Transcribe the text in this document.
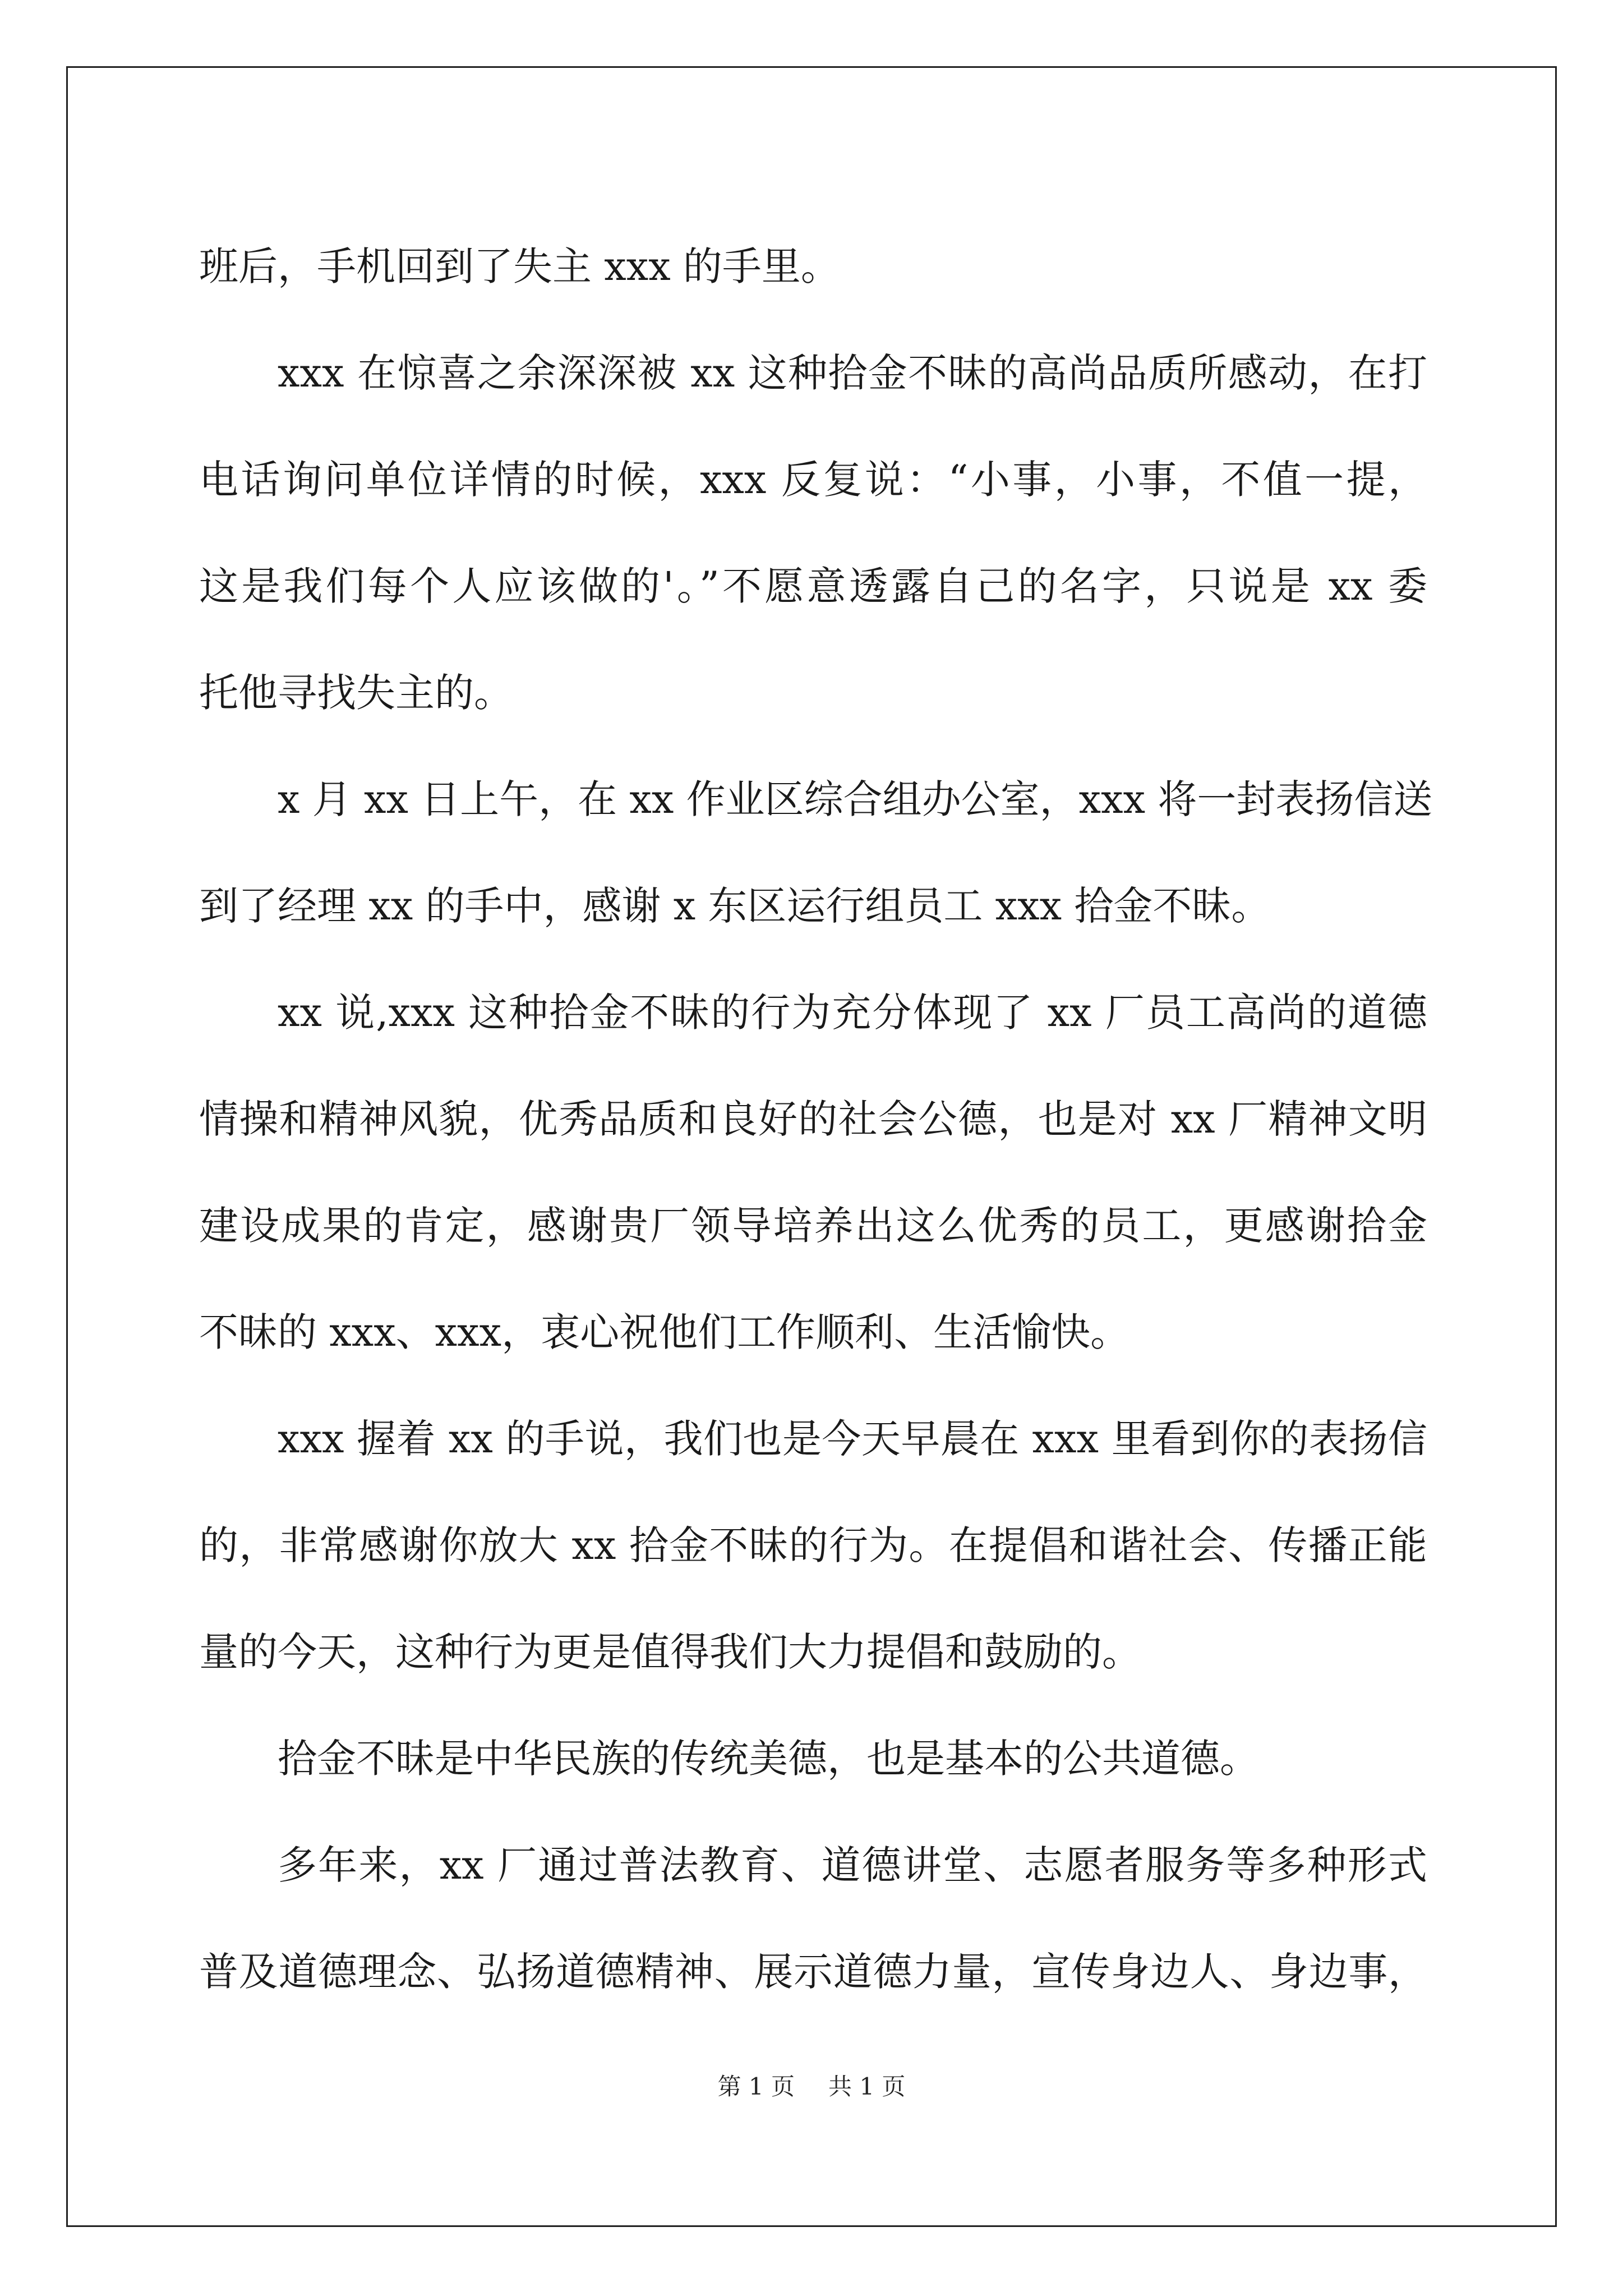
班后，手机回到了失主 xxx 的手里。
xxx 在惊喜之余深深被 xx 这种拾金不昧的高尚品质所感动，在打
电话询问单位详情的时候，xxx 反复说：“小事，小事，不值一提，
这是我们每个人应该做的'。”不愿意透露自己的名字，只说是 xx 委
托他寻找失主的。
x 月 xx 日上午，在 xx 作业区综合组办公室，xxx 将一封表扬信送
到了经理 xx 的手中，感谢 x 东区运行组员工 xxx 拾金不昧。
xx 说,xxx 这种拾金不昧的行为充分体现了 xx 厂员工高尚的道德
情操和精神风貌，优秀品质和良好的社会公德，也是对 xx 厂精神文明
建设成果的肯定，感谢贵厂领导培养出这么优秀的员工，更感谢拾金
不昧的 xxx、xxx，衷心祝他们工作顺利、生活愉快。
xxx 握着 xx 的手说，我们也是今天早晨在 xxx 里看到你的表扬信
的，非常感谢你放大 xx 拾金不昧的行为。在提倡和谐社会、传播正能
量的今天，这种行为更是值得我们大力提倡和鼓励的。
拾金不昧是中华民族的传统美德，也是基本的公共道德。
多年来，xx 厂通过普法教育、道德讲堂、志愿者服务等多种形式
普及道德理念、弘扬道德精神、展示道德力量，宣传身边人、身边事，
第 1 页 共 1 页
